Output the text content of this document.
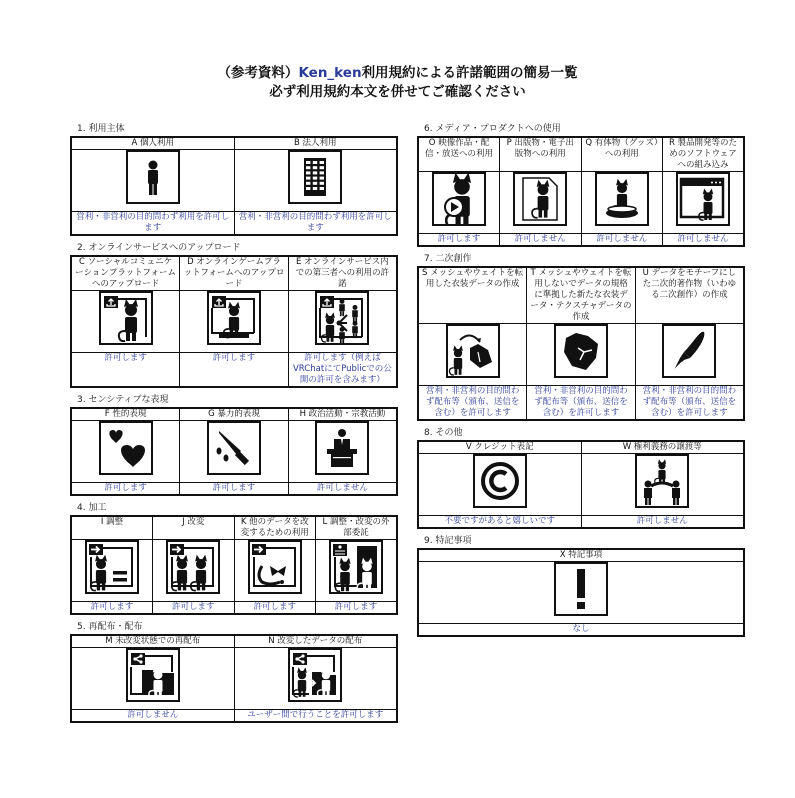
（参考資料）Ken_ken利用規約による許諾範囲の簡易一覧
必ず利用規約本文を併せてご確認ください
1. 利用主体
A 個人利用	B 法人利用

営利・非営利の目的問わず利用を許可します	営利・非営利の目的問わず利用を許可します
2. オンラインサービスへのアップロード
C ソーシャルコミュニケーションプラットフォームへのアップロード	D オンラインゲームプラットフォームへのアップロード	E オンラインサービス内での第三者への利用の許諾

許可します	許可します	許可します（例えばVRChatにてPublicでの公開の許可を含みます）
3. センシティブな表現
F 性的表現	G 暴力的表現	H 政治活動・宗教活動

許可します	許可します	許可しません
4. 加工
I 調整	J 改変	K 他のデータを改変するための利用	L 調整・改変の外部委託

許可します	許可します	許可します	許可します
5. 再配布・配布
M 未改変状態での再配布	N 改変したデータの配布

許可しません	ユーザー間で行うことを許可します
6. メディア・プロダクトへの使用
O 映像作品・配信・放送への利用	P 出版物・電子出版物への利用	Q 有体物（グッズ）への利用	R 製品開発等のためのソフトウェアへの組み込み

許可します	許可しません	許可しません	許可しません
7. 二次創作
S メッシュやウェイトを転用した衣装データの作成	T メッシュやウェイトを転用しないでデータの規格に準拠した新たな衣装データ・テクスチャデータの作成	U データをモチーフにした二次的著作物（いわゆる二次創作）の作成

営利・非営利の目的問わず配布等（頒布、送信を含む）を許可します	営利・非営利の目的問わず配布等（頒布、送信を含む）を許可します	営利・非営利の目的問わず配布等（頒布、送信を含む）を許可します
8. その他
V クレジット表記	W 権利義務の譲渡等

不要ですがあると嬉しいです	許可しません
9. 特記事項
X 特記事項

なし
